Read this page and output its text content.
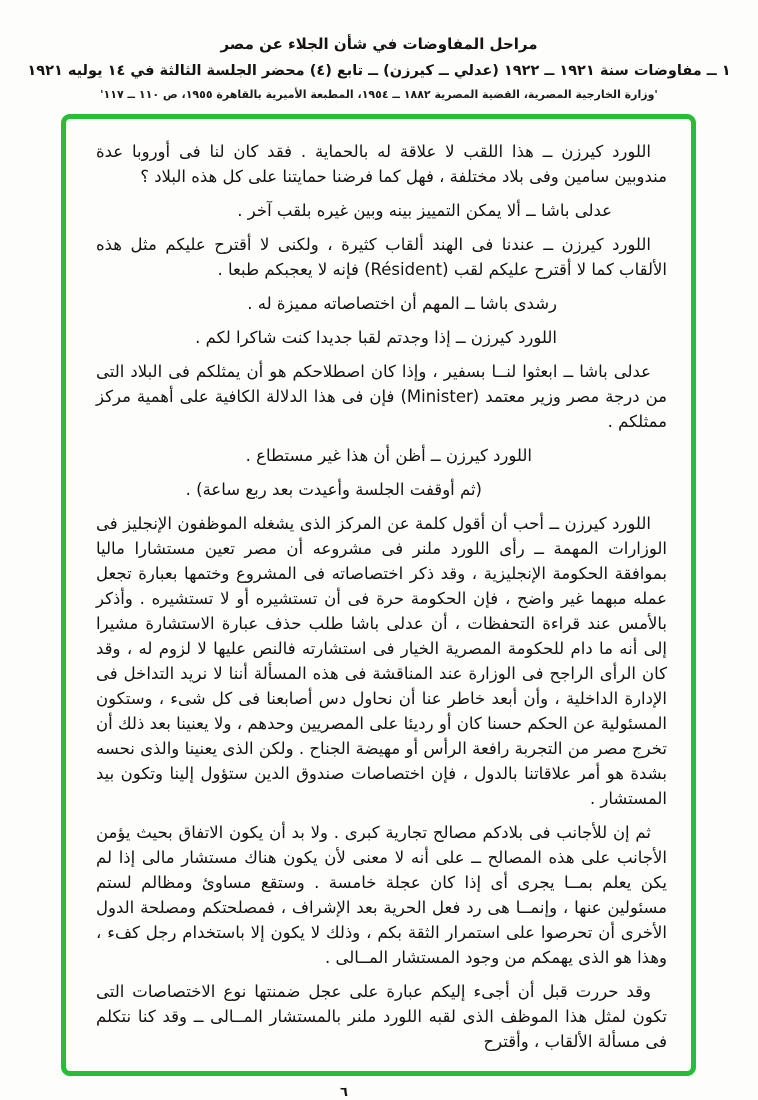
مراحل المفاوضات في شأن الجلاء عن مصر
١ ــ مفاوضات سنة ١٩٢١ ــ ١٩٢٢ (عدلي ــ كيرزن) ــ تابع (٤) محضر الجلسة الثالثة في ١٤ يوليه ١٩٢١
'وزارة الخارجية المصرية، القضية المصرية ١٨٨٢ ــ ١٩٥٤، المطبعة الأميرية بالقاهرة ١٩٥٥، ص ١١٠ ــ ١١٧'

اللورد كيرزن ــ هذا اللقب لا علاقة له بالحماية . فقد كان لنا فى أوروبا عدة مندوبين سامين وفى بلاد مختلفة ، فهل كما فرضنا حمايتنا على كل هذه البلاد ؟

عدلى باشا ــ ألا يمكن التمييز بينه وبين غيره بلقب آخر .

اللورد كيرزن ــ عندنا فى الهند ألقاب كثيرة ، ولكنى لا أقترح عليكم مثل هذه الألقاب كما لا أقترح عليكم لقب (Résident) فإنه لا يعجبكم طبعا .

رشدى باشا ــ المهم أن اختصاصاته مميزة له .

اللورد كيرزن ــ إذا وجدتم لقبا جديدا كنت شاكرا لكم .

عدلى باشا ــ ابعثوا لنــا بسفير ، وإذا كان اصطلاحكم هو أن يمثلكم فى البلاد التى من درجة مصر وزير معتمد (Minister) فإن فى هذا الدلالة الكافية على أهمية مركز ممثلكم .

اللورد كيرزن ــ أظن أن هذا غير مستطاع .

(ثم أوقفت الجلسة وأعيدت بعد ربع ساعة) .

اللورد كيرزن ــ أحب أن أقول كلمة عن المركز الذى يشغله الموظفون الإنجليز فى الوزارات المهمة ــ رأى اللورد ملنر فى مشروعه أن مصر تعين مستشارا ماليا بموافقة الحكومة الإنجليزية ، وقد ذكر اختصاصاته فى المشروع وختمها بعبارة تجعل عمله مبهما غير واضح ، فإن الحكومة حرة فى أن تستشيره أو لا تستشيره . وأذكر بالأمس عند قراءة التحفظات ، أن عدلى باشا طلب حذف عبارة الاستشارة مشيرا إلى أنه ما دام للحكومة المصرية الخيار فى استشارته فالنص عليها لا لزوم له ، وقد كان الرأى الراجح فى الوزارة عند المناقشة فى هذه المسألة أننا لا نريد التداخل فى الإدارة الداخلية ، وأن أبعد خاطر عنا أن نحاول دس أصابعنا فى كل شىء ، وستكون المسئولية عن الحكم حسنا كان أو رديئا على المصريين وحدهم ، ولا يعنينا بعد ذلك أن تخرج مصر من التجربة رافعة الرأس أو مهيضة الجناح . ولكن الذى يعنينا والذى نحسه بشدة هو أمر علاقاتنا بالدول ، فإن اختصاصات صندوق الدين ستؤول إلينا وتكون بيد المستشار .

ثم إن للأجانب فى بلادكم مصالح تجارية كبرى . ولا بد أن يكون الاتفاق بحيث يؤمن الأجانب على هذه المصالح ــ على أنه لا معنى لأن يكون هناك مستشار مالى إذا لم يكن يعلم بمــا يجرى أى إذا كان عجلة خامسة . وستقع مساوئ ومظالم لستم مسئولين عنها ، وإنمــا هى رد فعل الحرية بعد الإشراف ، فمصلحتكم ومصلحة الدول الأخرى أن تحرصوا على استمرار الثقة بكم ، وذلك لا يكون إلا باستخدام رجل كفء ، وهذا هو الذى يهمكم من وجود المستشار المــالى .

وقد حررت قبل أن أجىء إليكم عبارة على عجل ضمنتها نوع الاختصاصات التى تكون لمثل هذا الموظف الذى لقبه اللورد ملنر بالمستشار المــالى ــ وقد كنا نتكلم فى مسألة الألقاب ، وأقترح

٦
